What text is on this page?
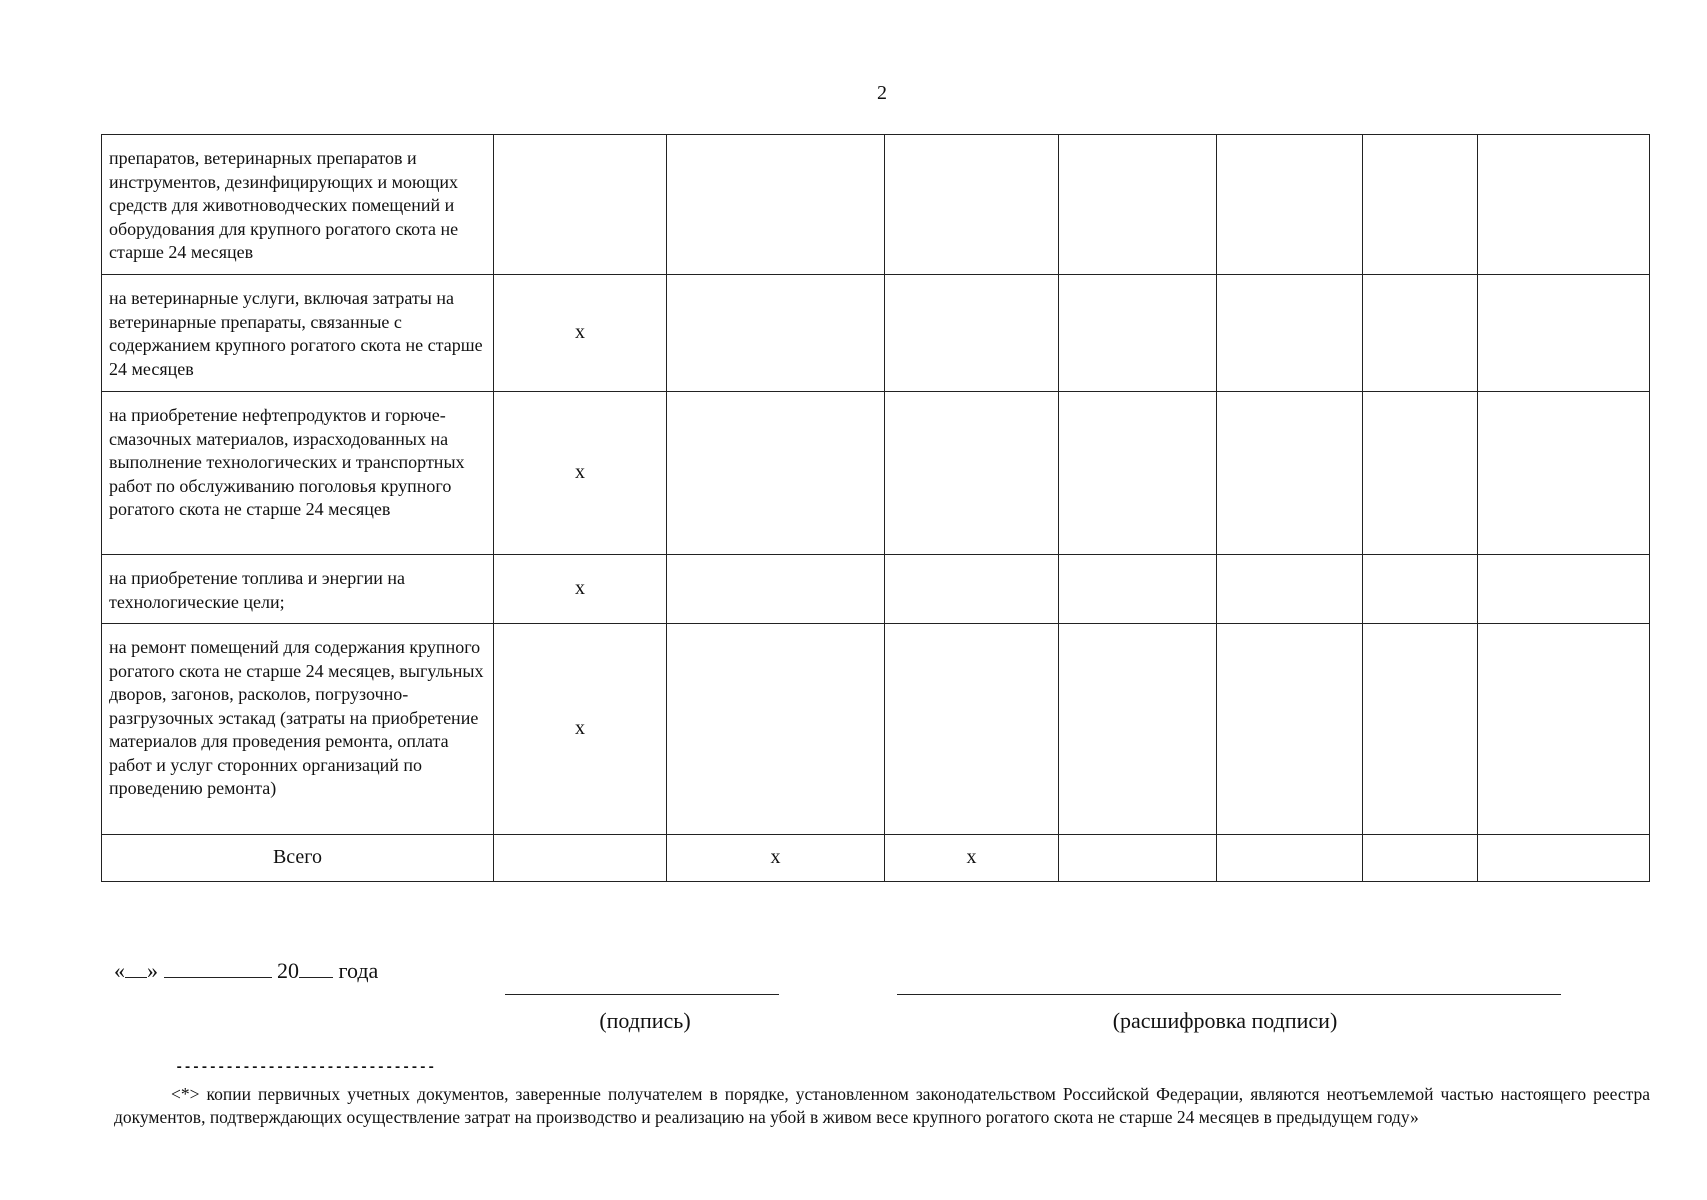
2
препаратов, ветеринарных препаратов и инструментов, дезинфицирующих и моющих средств для животноводческих помещений и оборудования для крупного рогатого скота не старше 24 месяцев							
на ветеринарные услуги, включая затраты на ветеринарные препараты, связанные с содержанием крупного рогатого скота не старше 24 месяцев	x						
на приобретение нефтепродуктов и горюче-смазочных материалов, израсходованных на выполнение технологических и транспортных работ по обслуживанию поголовья крупного рогатого скота не старше 24 месяцев	x						
на приобретение топлива и энергии на технологические цели;	x						
на ремонт помещений для содержания крупного рогатого скота не старше 24 месяцев, выгульных дворов, загонов, расколов, погрузочно-разгрузочных эстакад (затраты на приобретение материалов для проведения ремонта, оплата работ и услуг сторонних организаций по проведению ремонта)	x						
Всего		x	x				
« »	20 года
(подпись)	(расшифровка подписи)
-------------------------------
<*> копии первичных учетных документов, заверенные получателем в порядке, установленном законодательством Российской Федерации, являются неотъемлемой частью настоящего реестра документов, подтверждающих осуществление затрат на производство и реализацию на убой в живом весе крупного рогатого скота не старше 24 месяцев в предыдущем году»
